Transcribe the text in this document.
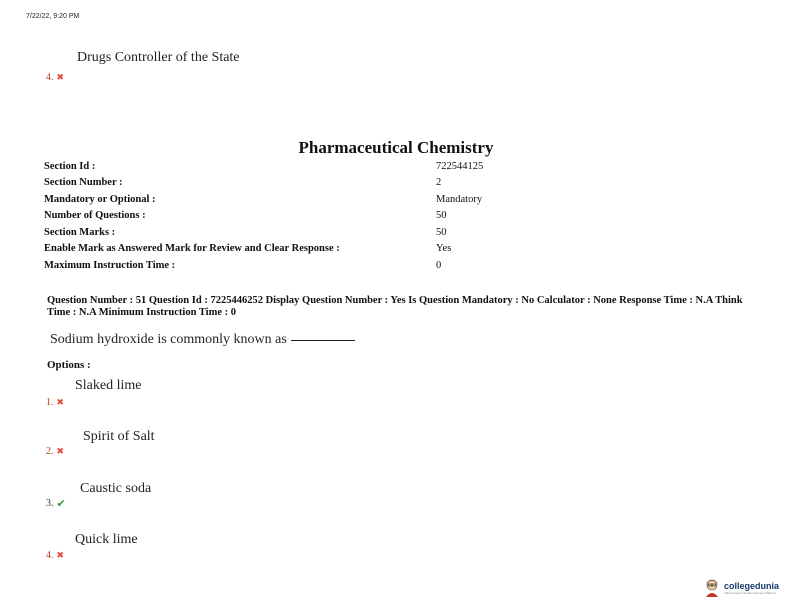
7/22/22, 9:20 PM
Drugs Controller of the State
4. ✖
Pharmaceutical Chemistry
Section Id :	722544125
Section Number :	2
Mandatory or Optional :	Mandatory
Number of Questions :	50
Section Marks :	50
Enable Mark as Answered Mark for Review and Clear Response :	Yes
Maximum Instruction Time :	0
Question Number : 51 Question Id : 7225446252 Display Question Number : Yes Is Question Mandatory : No Calculator : None Response Time : N.A Think Time : N.A Minimum Instruction Time : 0
Sodium hydroxide is commonly known as
Options :
Slaked lime
1. ✖
Spirit of Salt
2. ✖
Caustic soda
3. ✔
Quick lime
4. ✖
collegedunia
India's largest Student Review Platform
